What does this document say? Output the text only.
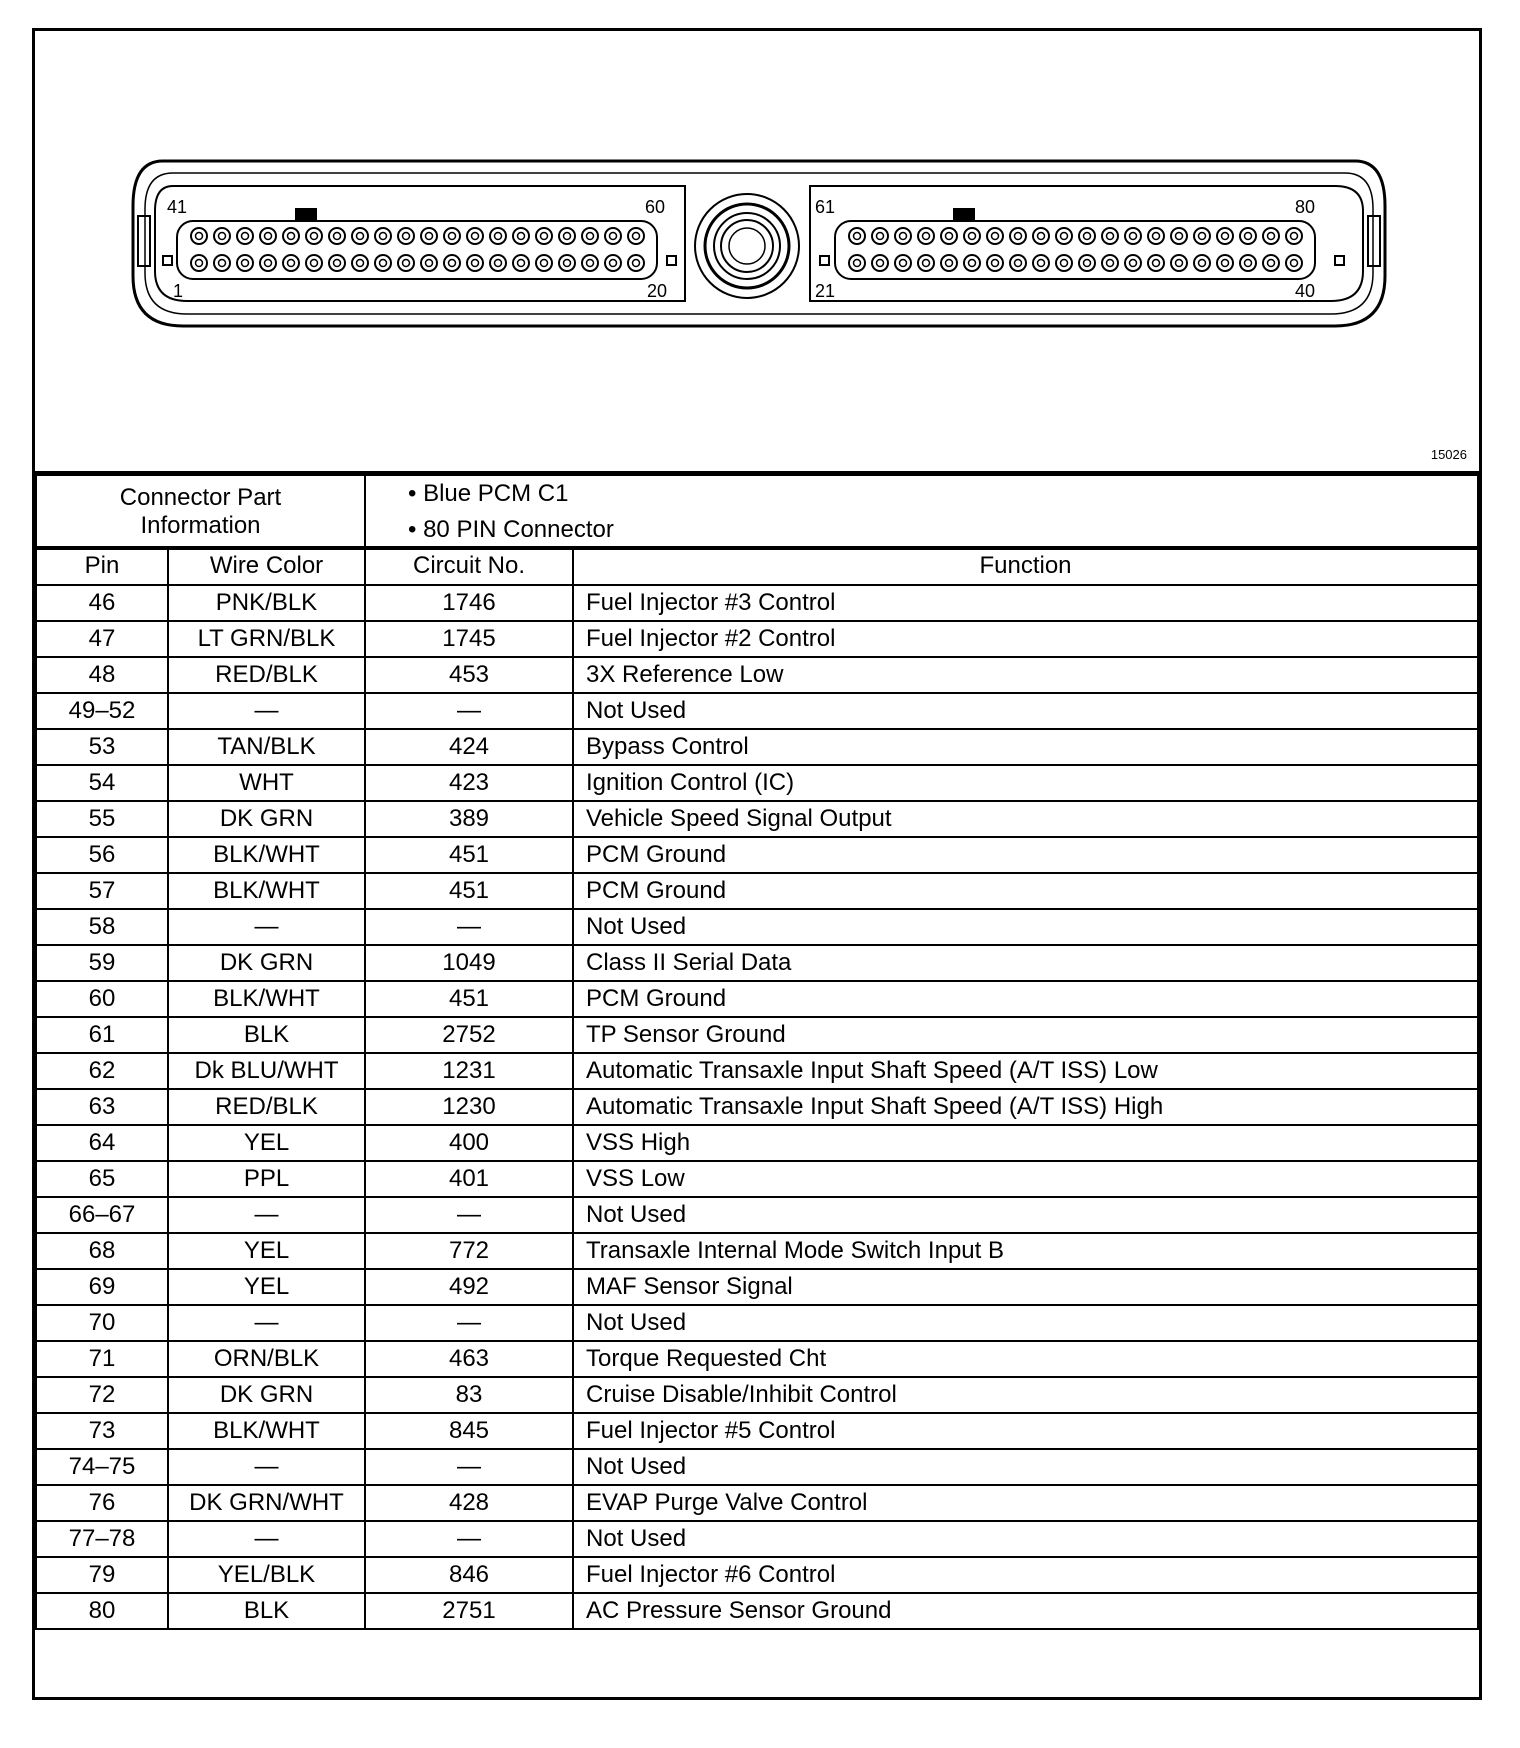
41	60
1	20
61	80
21	40
15026
Connector Part
Information	• Blue PCM C1
• 80 PIN Connector
Pin	Wire Color	Circuit No.	Function
46	PNK/BLK	1746	Fuel Injector #3 Control
47	LT GRN/BLK	1745	Fuel Injector #2 Control
48	RED/BLK	453	3X Reference Low
49–52	—	—	Not Used
53	TAN/BLK	424	Bypass Control
54	WHT	423	Ignition Control (IC)
55	DK GRN	389	Vehicle Speed Signal Output
56	BLK/WHT	451	PCM Ground
57	BLK/WHT	451	PCM Ground
58	—	—	Not Used
59	DK GRN	1049	Class II Serial Data
60	BLK/WHT	451	PCM Ground
61	BLK	2752	TP Sensor Ground
62	Dk BLU/WHT	1231	Automatic Transaxle Input Shaft Speed (A/T ISS) Low
63	RED/BLK	1230	Automatic Transaxle Input Shaft Speed (A/T ISS) High
64	YEL	400	VSS High
65	PPL	401	VSS Low
66–67	—	—	Not Used
68	YEL	772	Transaxle Internal Mode Switch Input B
69	YEL	492	MAF Sensor Signal
70	—	—	Not Used
71	ORN/BLK	463	Torque Requested Cht
72	DK GRN	83	Cruise Disable/Inhibit Control
73	BLK/WHT	845	Fuel Injector #5 Control
74–75	—	—	Not Used
76	DK GRN/WHT	428	EVAP Purge Valve Control
77–78	—	—	Not Used
79	YEL/BLK	846	Fuel Injector #6 Control
80	BLK	2751	AC Pressure Sensor Ground
